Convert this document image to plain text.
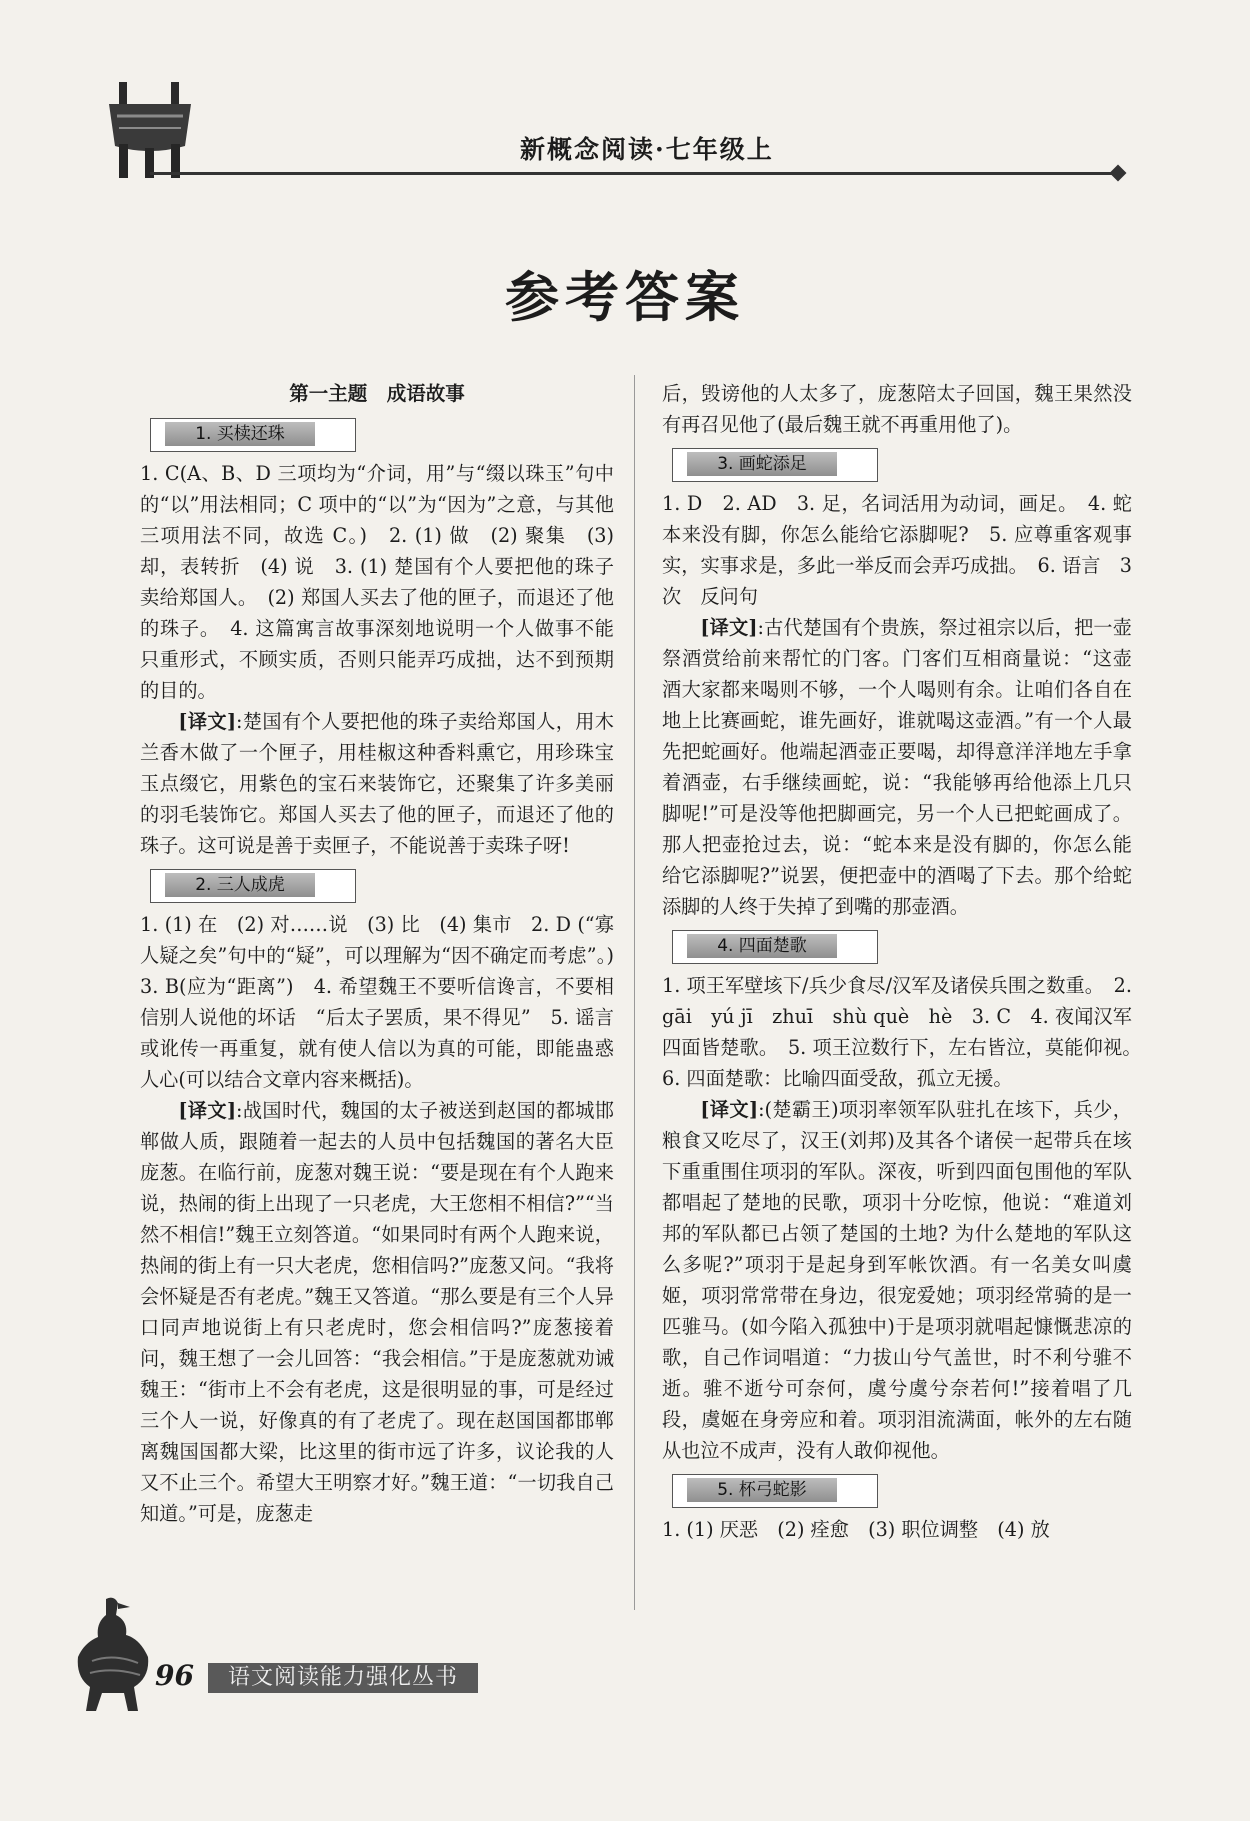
新概念阅读·七年级上
参考答案
第一主题　成语故事
1. 买椟还珠

1. C(A、B、D 三项均为“介词，用”与“缀以珠玉”句中的“以”用法相同；C 项中的“以”为“因为”之意，与其他三项用法不同，故选 C。)　2. (1) 做　(2) 聚集　(3) 却，表转折　(4) 说　3. (1) 楚国有个人要把他的珠子卖给郑国人。　(2) 郑国人买去了他的匣子，而退还了他的珠子。　4. 这篇寓言故事深刻地说明一个人做事不能只重形式，不顾实质，否则只能弄巧成拙，达不到预期的目的。

[译文]:楚国有个人要把他的珠子卖给郑国人，用木兰香木做了一个匣子，用桂椒这种香料熏它，用珍珠宝玉点缀它，用紫色的宝石来装饰它，还聚集了许多美丽的羽毛装饰它。郑国人买去了他的匣子，而退还了他的珠子。这可说是善于卖匣子，不能说善于卖珠子呀!

2. 三人成虎

1. (1) 在　(2) 对……说　(3) 比　(4) 集市　2. D (“寡人疑之矣”句中的“疑”，可以理解为“因不确定而考虑”。)　3. B(应为“距离”)　4. 希望魏王不要听信谗言，不要相信别人说他的坏话　“后太子罢质，果不得见”　5. 谣言或讹传一再重复，就有使人信以为真的可能，即能蛊惑人心(可以结合文章内容来概括)。

[译文]:战国时代，魏国的太子被送到赵国的都城邯郸做人质，跟随着一起去的人员中包括魏国的著名大臣庞葱。在临行前，庞葱对魏王说：“要是现在有个人跑来说，热闹的街上出现了一只老虎，大王您相不相信?”“当然不相信!”魏王立刻答道。“如果同时有两个人跑来说，热闹的街上有一只大老虎，您相信吗?”庞葱又问。“我将会怀疑是否有老虎。”魏王又答道。“那么要是有三个人异口同声地说街上有只老虎时，您会相信吗?”庞葱接着问，魏王想了一会儿回答：“我会相信。”于是庞葱就劝诫魏王：“街市上不会有老虎，这是很明显的事，可是经过三个人一说，好像真的有了老虎了。现在赵国国都邯郸离魏国国都大梁，比这里的街市远了许多，议论我的人又不止三个。希望大王明察才好。”魏王道：“一切我自己知道。”可是，庞葱走

后，毁谤他的人太多了，庞葱陪太子回国，魏王果然没有再召见他了(最后魏王就不再重用他了)。

3. 画蛇添足

1. D　2. AD　3. 足，名词活用为动词，画足。　4. 蛇本来没有脚，你怎么能给它添脚呢?　5. 应尊重客观事实，实事求是，多此一举反而会弄巧成拙。　6. 语言　3 次　反问句

[译文]:古代楚国有个贵族，祭过祖宗以后，把一壶祭酒赏给前来帮忙的门客。门客们互相商量说：“这壶酒大家都来喝则不够，一个人喝则有余。让咱们各自在地上比赛画蛇，谁先画好，谁就喝这壶酒。”有一个人最先把蛇画好。他端起酒壶正要喝，却得意洋洋地左手拿着酒壶，右手继续画蛇，说：“我能够再给他添上几只脚呢!”可是没等他把脚画完，另一个人已把蛇画成了。那人把壶抢过去，说：“蛇本来是没有脚的，你怎么能给它添脚呢?”说罢，便把壶中的酒喝了下去。那个给蛇添脚的人终于失掉了到嘴的那壶酒。

4. 四面楚歌

1. 项王军壁垓下/兵少食尽/汉军及诸侯兵围之数重。　2. gāi　yú jī　zhuī　shù què　hè　3. C　4. 夜闻汉军四面皆楚歌。　5. 项王泣数行下，左右皆泣，莫能仰视。　6. 四面楚歌：比喻四面受敌，孤立无援。

[译文]:(楚霸王)项羽率领军队驻扎在垓下，兵少，粮食又吃尽了，汉王(刘邦)及其各个诸侯一起带兵在垓下重重围住项羽的军队。深夜，听到四面包围他的军队都唱起了楚地的民歌，项羽十分吃惊，他说：“难道刘邦的军队都已占领了楚国的土地? 为什么楚地的军队这么多呢?”项羽于是起身到军帐饮酒。有一名美女叫虞姬，项羽常常带在身边，很宠爱她；项羽经常骑的是一匹骓马。(如今陷入孤独中)于是项羽就唱起慷慨悲凉的歌，自己作词唱道：“力拔山兮气盖世，时不利兮骓不逝。骓不逝兮可奈何，虞兮虞兮奈若何!”接着唱了几段，虞姬在身旁应和着。项羽泪流满面，帐外的左右随从也泣不成声，没有人敢仰视他。

5. 杯弓蛇影

1. (1) 厌恶　(2) 痊愈　(3) 职位调整　(4) 放

96	语文阅读能力强化丛书
